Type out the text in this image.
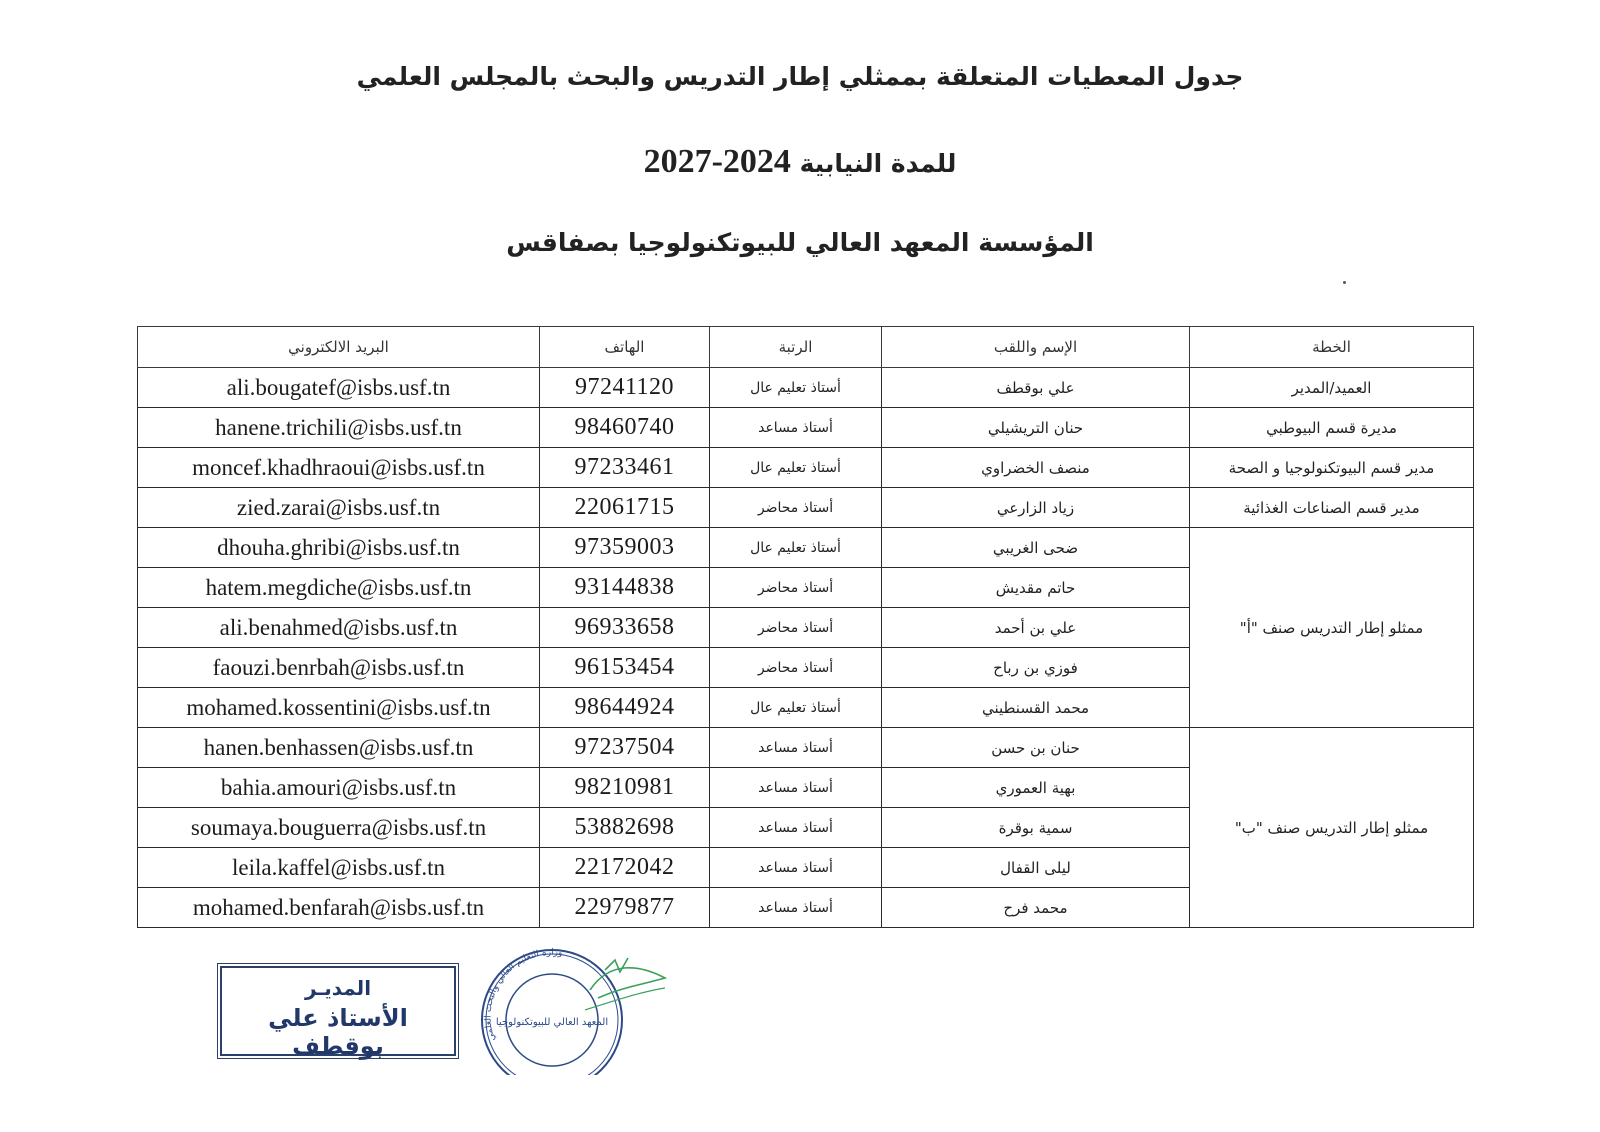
جدول المعطيات المتعلقة بممثلي إطار التدريس والبحث بالمجلس العلمي
للمدة النيابية 2027-2024
المؤسسة المعهد العالي للبيوتكنولوجيا بصفاقس
الخطة	الإسم واللقب	الرتبة	الهاتف	البريد الالكتروني
العميد/المدير	علي بوقطف	أستاذ تعليم عال	97241120	ali.bougatef@isbs.usf.tn
مديرة قسم البيوطبي	حنان التريشيلي	أستاذ مساعد	98460740	hanene.trichili@isbs.usf.tn
مدير قسم البيوتكنولوجيا و الصحة	منصف الخضراوي	أستاذ تعليم عال	97233461	moncef.khadhraoui@isbs.usf.tn
مدير قسم الصناعات الغذائية	زياد الزارعي	أستاذ محاضر	22061715	zied.zarai@isbs.usf.tn
ممثلو إطار التدريس صنف "أ"	ضحى الغريبي	أستاذ تعليم عال	97359003	dhouha.ghribi@isbs.usf.tn
	حاتم مقديش	أستاذ محاضر	93144838	hatem.megdiche@isbs.usf.tn
	علي بن أحمد	أستاذ محاضر	96933658	ali.benahmed@isbs.usf.tn
	فوزي بن رباح	أستاذ محاضر	96153454	faouzi.benrbah@isbs.usf.tn
	محمد القسنطيني	أستاذ تعليم عال	98644924	mohamed.kossentini@isbs.usf.tn
ممثلو إطار التدريس صنف "ب"	حنان بن حسن	أستاذ مساعد	97237504	hanen.benhassen@isbs.usf.tn
	بهية العموري	أستاذ مساعد	98210981	bahia.amouri@isbs.usf.tn
	سمية بوقرة	أستاذ مساعد	53882698	soumaya.bouguerra@isbs.usf.tn
	ليلى القفال	أستاذ مساعد	22172042	leila.kaffel@isbs.usf.tn
	محمد فرح	أستاذ مساعد	22979877	mohamed.benfarah@isbs.usf.tn
المديـر
الأستاذ علي بوقطف	وزارة التعليم العالي والبحث العلمي
المعهد العالي للبيوتكنولوجيا
